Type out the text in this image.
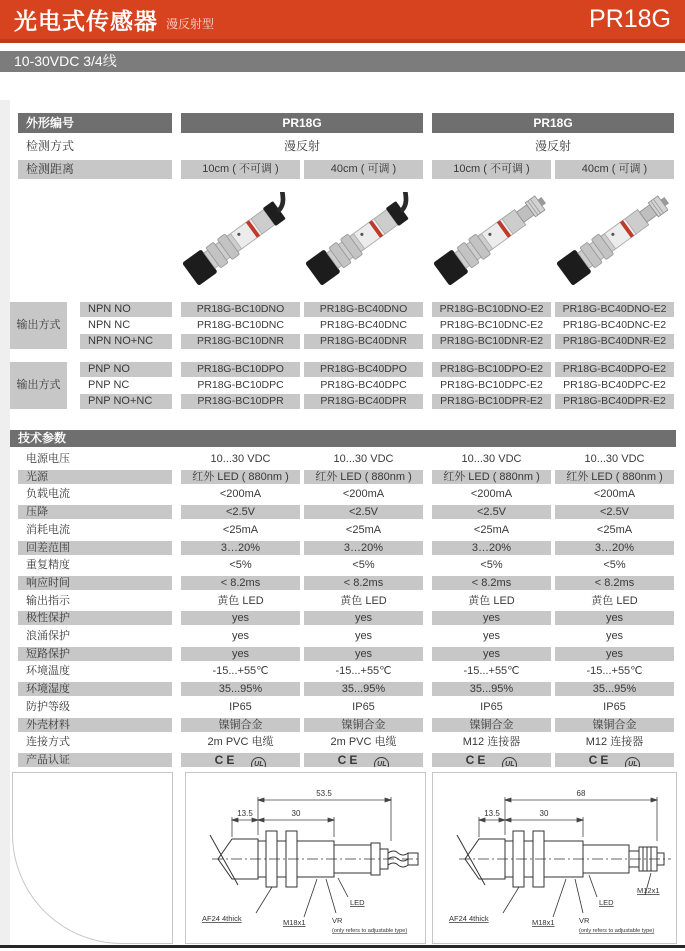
光电式传感器 漫反射型	PR18G
10-30VDC 3/4线
外形编号	PR18G	PR18G
检测方式	漫反射	漫反射
检测距离	10cm ( 不可调 )	40cm ( 可调 )	10cm ( 不可调 )	40cm ( 可调 )
输出方式
NPN NO	PR18G-BC10DNO	PR18G-BC40DNO	PR18G-BC10DNO-E2	PR18G-BC40DNO-E2
NPN NC	PR18G-BC10DNC	PR18G-BC40DNC	PR18G-BC10DNC-E2	PR18G-BC40DNC-E2
NPN NO+NC	PR18G-BC10DNR	PR18G-BC40DNR	PR18G-BC10DNR-E2	PR18G-BC40DNR-E2
输出方式
PNP NO	PR18G-BC10DPO	PR18G-BC40DPO	PR18G-BC10DPO-E2	PR18G-BC40DPO-E2
PNP NC	PR18G-BC10DPC	PR18G-BC40DPC	PR18G-BC10DPC-E2	PR18G-BC40DPC-E2
PNP NO+NC	PR18G-BC10DPR	PR18G-BC40DPR	PR18G-BC10DPR-E2	PR18G-BC40DPR-E2
技术参数
电源电压	10...30 VDC	10...30 VDC	10...30 VDC	10...30 VDC
光源	红外 LED ( 880nm )	红外 LED ( 880nm )	红外 LED ( 880nm )	红外 LED ( 880nm )
负载电流	<200mA	<200mA	<200mA	<200mA
压降	<2.5V	<2.5V	<2.5V	<2.5V
消耗电流	<25mA	<25mA	<25mA	<25mA
回差范围	3…20%	3…20%	3…20%	3…20%
重复精度	<5%	<5%	<5%	<5%
响应时间	< 8.2ms	< 8.2ms	< 8.2ms	< 8.2ms
输出指示	黄色 LED	黄色 LED	黄色 LED	黄色 LED
极性保护	yes	yes	yes	yes
浪涌保护	yes	yes	yes	yes
短路保护	yes	yes	yes	yes
环境温度	-15...+55℃	-15...+55℃	-15...+55℃	-15...+55℃
环境湿度	35...95%	35...95%	35...95%	35...95%
防护等级	IP65	IP65	IP65	IP65
外壳材料	镍铜合金	镍铜合金	镍铜合金	镍铜合金
连接方式	2m PVC 电缆	2m PVC 电缆	M12 连接器	M12 连接器
产品认证	CE UL	CE UL	CE UL	CE UL
53.5
13.5	30
AF24 4thick	M18x1
LED
VR
(only refers to adjustable type)
68
13.5	30
AF24 4thick	M18x1
LED
VR
(only refers to adjustable type)
M12x1
